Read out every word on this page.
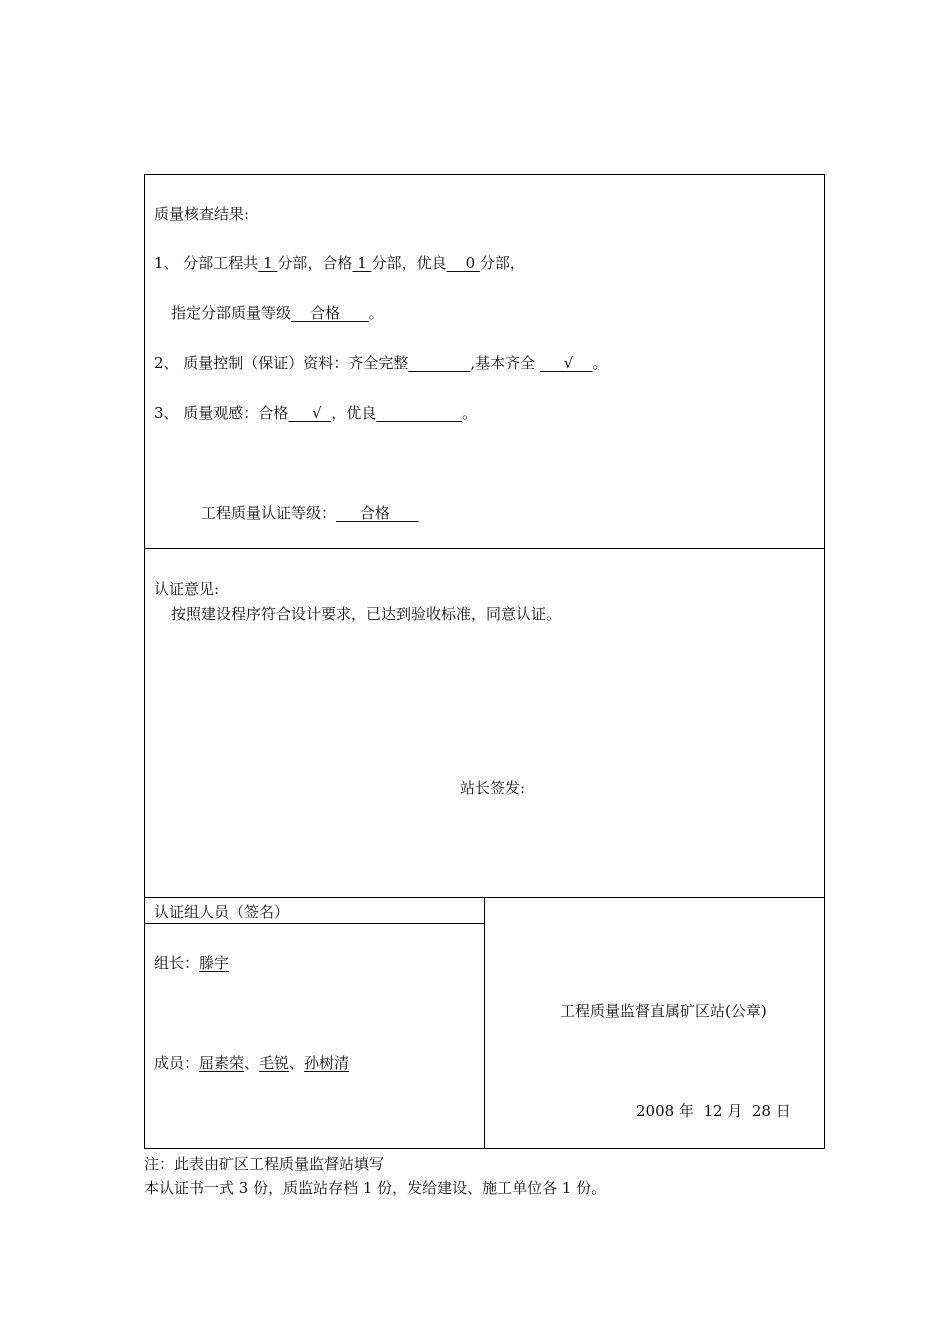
质量核查结果:
1、 分部工程共 1 分部，合格 1 分部，优良    0 分部，
指定分部质量等级    合格      。
2、 质量控制（保证）资料：齐全完整	,基本齐全      √    。
3、 质量观感：合格     √  ，优良	。
工程质量认证等级：     合格
认证意见:
按照建设程序符合设计要求，已达到验收标准，同意认证。
站长签发:
认证组人员（签名）
组长：滕宇
成员：屈素荣、毛锐、孙树清
工程质量监督直属矿区站(公章)
2008 年  12 月  28 日
注：此表由矿区工程质量监督站填写
本认证书一式 3 份，质监站存档 1 份，发给建设、施工单位各 1 份。
